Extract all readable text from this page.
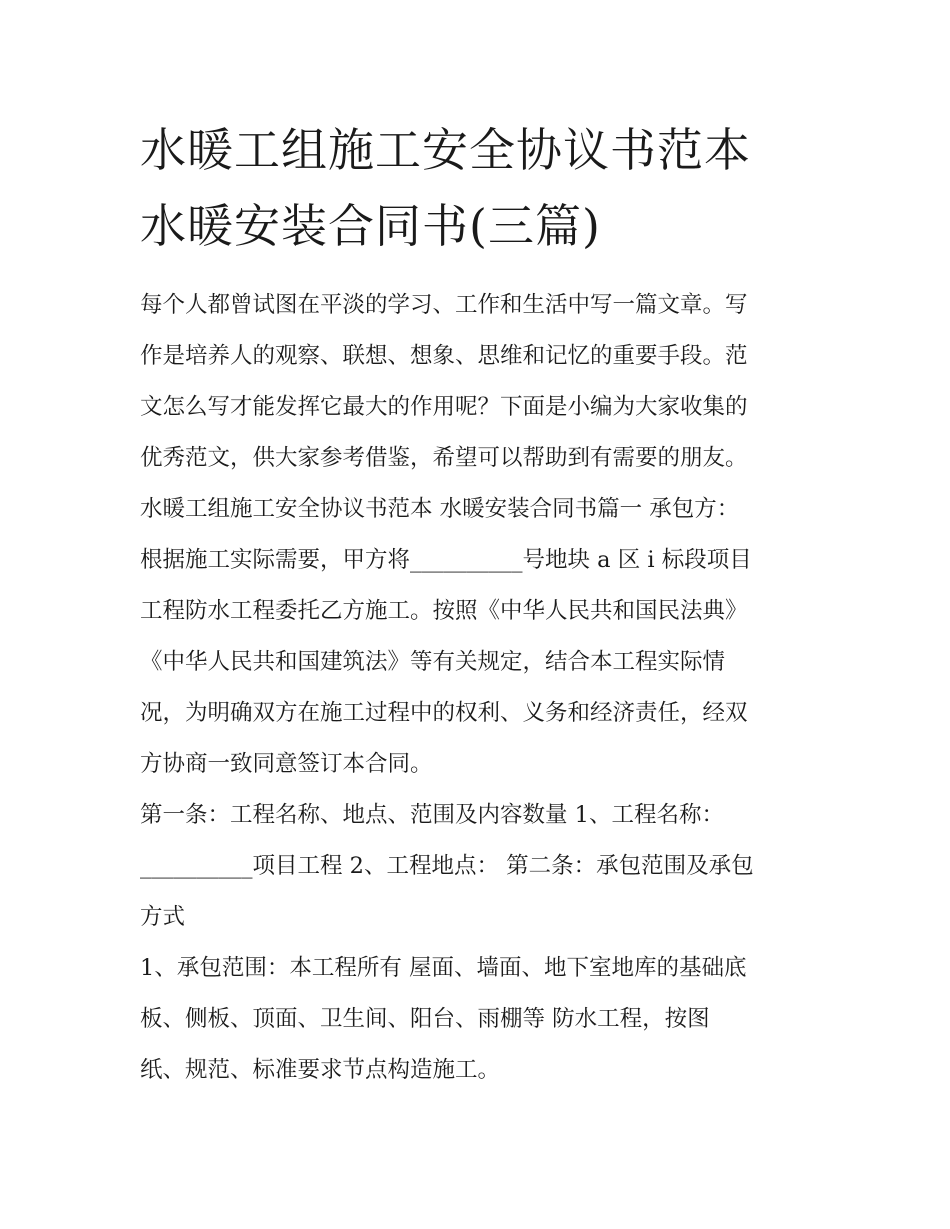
水暖工组施工安全协议书范本
水暖安装合同书(三篇)
每个人都曾试图在平淡的学习、工作和生活中写一篇文章。写
作是培养人的观察、联想、想象、思维和记忆的重要手段。范
文怎么写才能发挥它最大的作用呢？下面是小编为大家收集的
优秀范文，供大家参考借鉴，希望可以帮助到有需要的朋友。
水暖工组施工安全协议书范本 水暖安装合同书篇一 承包方：
根据施工实际需要，甲方将__________号地块 a 区 i 标段项目
工程防水工程委托乙方施工。按照《中华人民共和国民法典》
《中华人民共和国建筑法》等有关规定，结合本工程实际情
况，为明确双方在施工过程中的权利、义务和经济责任，经双
方协商一致同意签订本合同。
第一条：工程名称、地点、范围及内容数量 1、工程名称：
__________项目工程 2、工程地点： 第二条：承包范围及承包
方式
1、承包范围：本工程所有 屋面、墙面、地下室地库的基础底
板、侧板、顶面、卫生间、阳台、雨棚等 防水工程，按图
纸、规范、标准要求节点构造施工。
